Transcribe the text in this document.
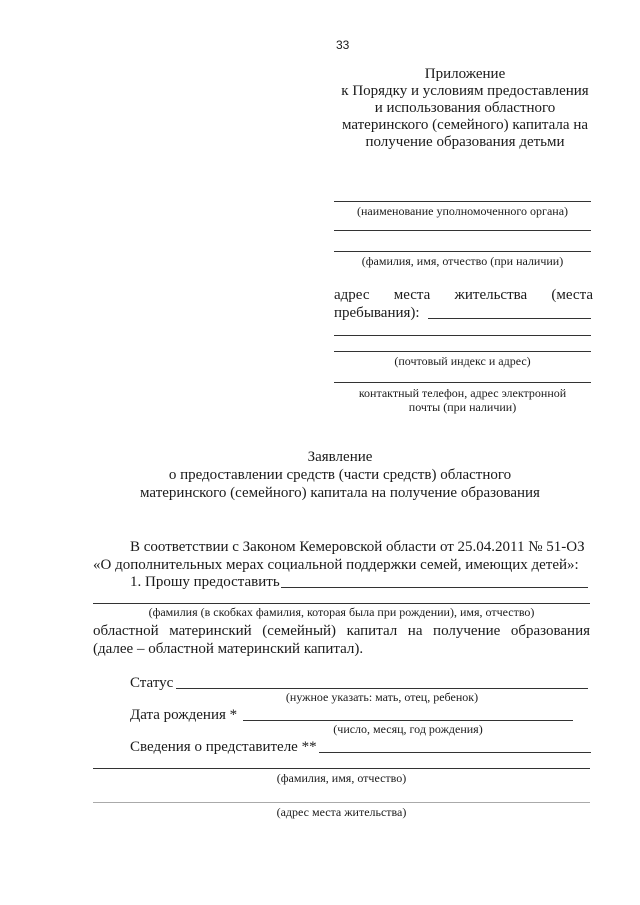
33
Приложение
к Порядку и условиям предоставления
и использования областного
материнского (семейного) капитала на
получение образования детьми
(наименование уполномоченного органа)
(фамилия, имя, отчество (при наличии)
адрес места жительства (места
пребывания):
(почтовый индекс и адрес)
контактный телефон, адрес электронной
почты (при наличии)
Заявление
о предоставлении средств (части средств) областного
материнского (семейного) капитала на получение образования
В соответствии с Законом Кемеровской области от 25.04.2011 № 51-ОЗ
«О дополнительных мерах социальной поддержки семей, имеющих детей»:
1. Прошу предоставить
(фамилия (в скобках фамилия, которая была при рождении), имя, отчество)
областной материнский (семейный) капитал на получение образования
(далее – областной материнский капитал).
Статус
(нужное указать: мать, отец, ребенок)
Дата рождения *
(число, месяц, год рождения)
Сведения о представителе **
(фамилия, имя, отчество)
(адрес места жительства)
